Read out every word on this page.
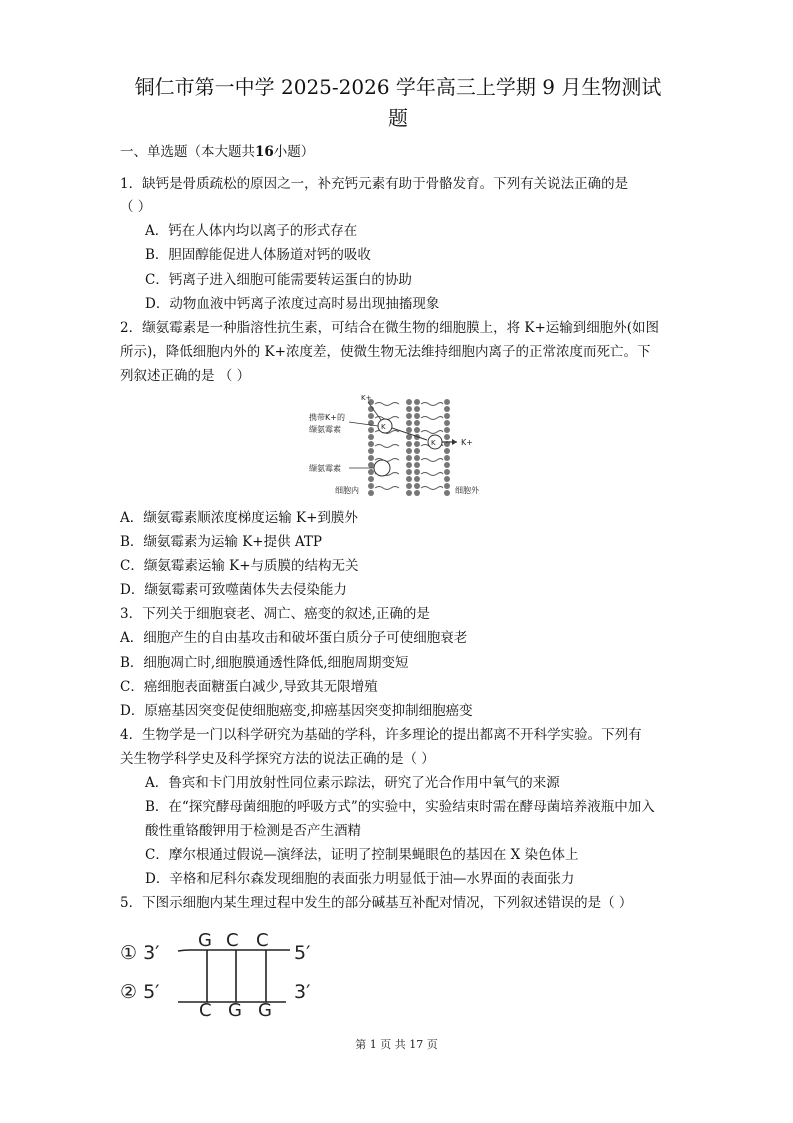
铜仁市第一中学 2025-2026 学年高三上学期 9 月生物测试
题
一、单选题（本大题共16小题）
1．缺钙是骨质疏松的原因之一，补充钙元素有助于骨骼发育。下列有关说法正确的是
（ ）
A．钙在人体内均以离子的形式存在
B．胆固醇能促进人体肠道对钙的吸收
C．钙离子进入细胞可能需要转运蛋白的协助
D．动物血液中钙离子浓度过高时易出现抽搐现象
2．缬氨霉素是一种脂溶性抗生素，可结合在微生物的细胞膜上，将 K+运输到细胞外(如图
所示)，降低细胞内外的 K+浓度差，使微生物无法维持细胞内离子的正常浓度而死亡。下
列叙述正确的是 （ ）
K
K	K+
K+
携带K+的
缬氨霉素
缬氨霉素
细胞内	细胞外
A．缬氨霉素顺浓度梯度运输 K+到膜外
B．缬氨霉素为运输 K+提供 ATP
C．缬氨霉素运输 K+与质膜的结构无关
D．缬氨霉素可致噬菌体失去侵染能力
3．下列关于细胞衰老、凋亡、癌变的叙述,正确的是
A．细胞产生的自由基攻击和破坏蛋白质分子可使细胞衰老
B．细胞凋亡时,细胞膜通透性降低,细胞周期变短
C．癌细胞表面糖蛋白减少,导致其无限增殖
D．原癌基因突变促使细胞癌变,抑癌基因突变抑制细胞癌变
4．生物学是一门以科学研究为基础的学科，许多理论的提出都离不开科学实验。下列有
关生物学科学史及科学探究方法的说法正确的是（ ）
A．鲁宾和卡门用放射性同位素示踪法，研究了光合作用中氧气的来源
B．在“探究酵母菌细胞的呼吸方式”的实验中，实验结束时需在酵母菌培养液瓶中加入
酸性重铬酸钾用于检测是否产生酒精
C．摩尔根通过假说—演绎法，证明了控制果蝇眼色的基因在 X 染色体上
D．辛格和尼科尔森发现细胞的表面张力明显低于油—水界面的表面张力
5．下图示细胞内某生理过程中发生的部分碱基互补配对情况，下列叙述错误的是（ ）
① 3′
② 5′
5′
3′
G C C
C G G
第 1 页 共 17 页
